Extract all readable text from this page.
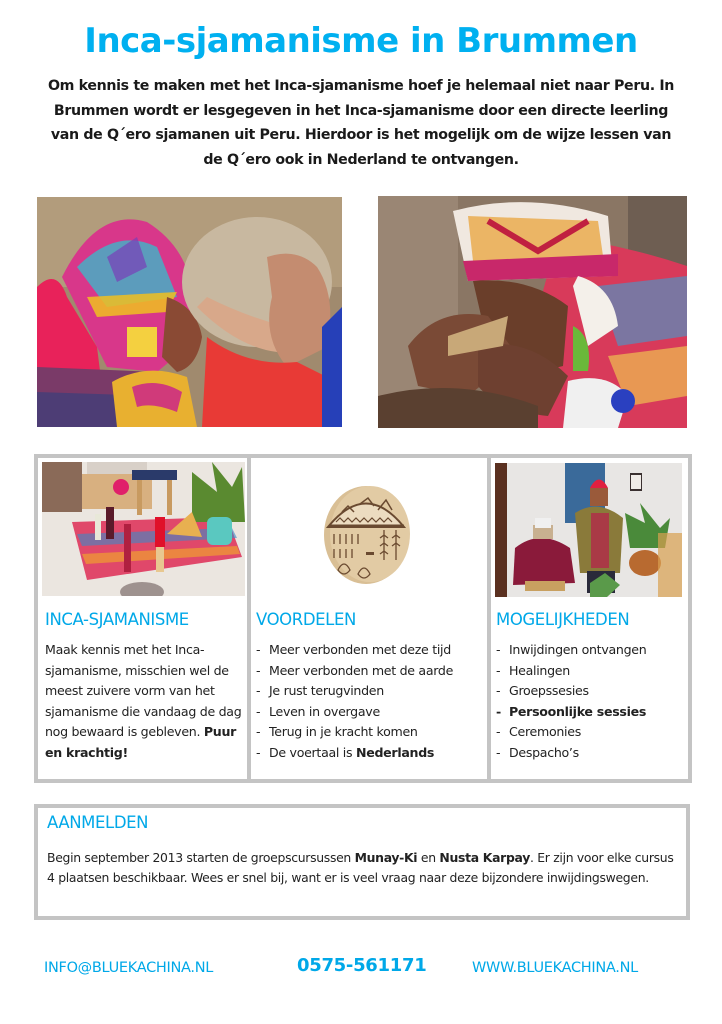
Inca-sjamanisme in Brummen

Om kennis te maken met het Inca-sjamanisme hoef je helemaal niet naar Peru. In Brummen wordt er lesgegeven in het Inca-sjamanisme door een directe leerling van de Q´ero sjamanen uit Peru. Hierdoor is het mogelijk om de wijze lessen van de Q´ero ook in Nederland te ontvangen.

INCA-SJAMANISME

Maak kennis met het Inca-sjamanisme, misschien wel de meest zuivere vorm van het sjamanisme die vandaag de dag nog bewaard is gebleven. Puur en krachtig!

VOORDELEN
- Meer verbonden met deze tijd
- Meer verbonden met de aarde
- Je rust terugvinden
- Leven in overgave
- Terug in je kracht komen
- De voertaal is Nederlands
MOGELIJKHEDEN
- Inwijdingen ontvangen
- Healingen
- Groepssesies
- Persoonlijke sessies
- Ceremonies
- Despacho’s
AANMELDEN

Begin september 2013 starten de groepscursussen Munay-Ki en Nusta Karpay. Er zijn voor elke cursus 4 plaatsen beschikbaar. Wees er snel bij, want er is veel vraag naar deze bijzondere inwijdingswegen.

INFO@BLUEKACHINA.NL	0575-561171	WWW.BLUEKACHINA.NL
